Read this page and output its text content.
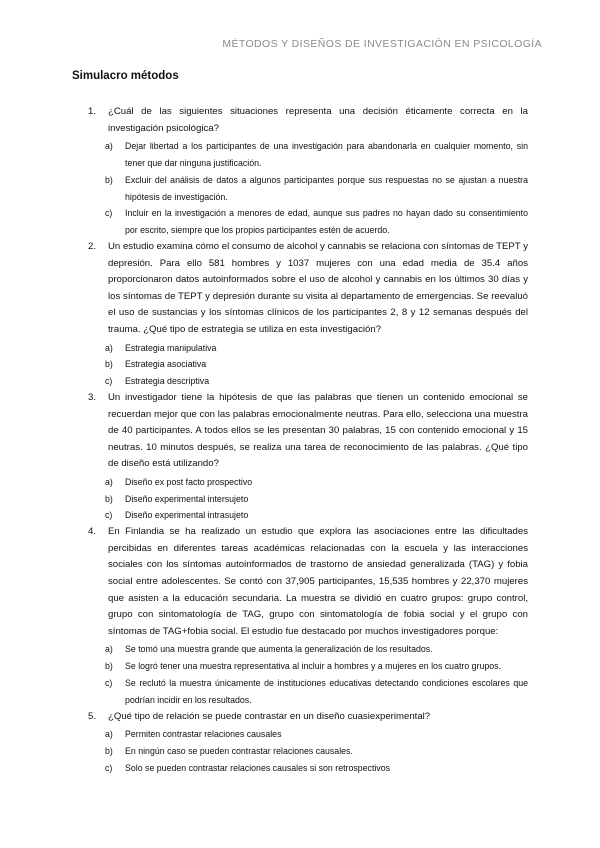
MÉTODOS Y DISEÑOS DE INVESTIGACIÓN EN PSICOLOGÍA
Simulacro métodos
1. ¿Cuál de las siguientes situaciones representa una decisión éticamente correcta en la investigación psicológica?
a) Dejar libertad a los participantes de una investigación para abandonarla en cualquier momento, sin tener que dar ninguna justificación.
b) Excluir del análisis de datos a algunos participantes porque sus respuestas no se ajustan a nuestra hipótesis de investigación.
c) Incluir en la investigación a menores de edad, aunque sus padres no hayan dado su consentimiento por escrito, siempre que los propios participantes estén de acuerdo.
2. Un estudio examina cómo el consumo de alcohol y cannabis se relaciona con síntomas de TEPT y depresión. Para ello 581 hombres y 1037 mujeres con una edad media de 35.4 años proporcionaron datos autoinformados sobre el uso de alcohol y cannabis en los últimos 30 días y los síntomas de TEPT y depresión durante su visita al departamento de emergencias. Se reevaluó el uso de sustancias y los síntomas clínicos de los participantes 2, 8 y 12 semanas después del trauma. ¿Qué tipo de estrategia se utiliza en esta investigación?
a) Estrategia manipulativa
b) Estrategia asociativa
c) Estrategia descriptiva
3. Un investigador tiene la hipótesis de que las palabras que tienen un contenido emocional se recuerdan mejor que con las palabras emocionalmente neutras. Para ello, selecciona una muestra de 40 participantes. A todos ellos se les presentan 30 palabras, 15 con contenido emocional y 15 neutras. 10 minutos después, se realiza una tarea de reconocimiento de las palabras. ¿Qué tipo de diseño está utilizando?
a) Diseño ex post facto prospectivo
b) Diseño experimental intersujeto
c) Diseño experimental intrasujeto
4. En Finlandia se ha realizado un estudio que explora las asociaciones entre las dificultades percibidas en diferentes tareas académicas relacionadas con la escuela y las interacciones sociales con los síntomas autoinformados de trastorno de ansiedad generalizada (TAG) y fobia social entre adolescentes. Se contó con 37,905 participantes, 15,535 hombres y 22,370 mujeres que asisten a la educación secundaria. La muestra se dividió en cuatro grupos: grupo control, grupo con sintomatología de TAG, grupo con sintomatología de fobia social y el grupo con síntomas de TAG+fobia social. El estudio fue destacado por muchos investigadores porque:
a) Se tomó una muestra grande que aumenta la generalización de los resultados.
b) Se logró tener una muestra representativa al incluir a hombres y a mujeres en los cuatro grupos.
c) Se reclutó la muestra únicamente de instituciones educativas detectando condiciones escolares que podrían incidir en los resultados.
5. ¿Qué tipo de relación se puede contrastar en un diseño cuasiexperimental?
a) Permiten contrastar relaciones causales
b) En ningún caso se pueden contrastar relaciones causales.
c) Solo se pueden contrastar relaciones causales si son retrospectivos
